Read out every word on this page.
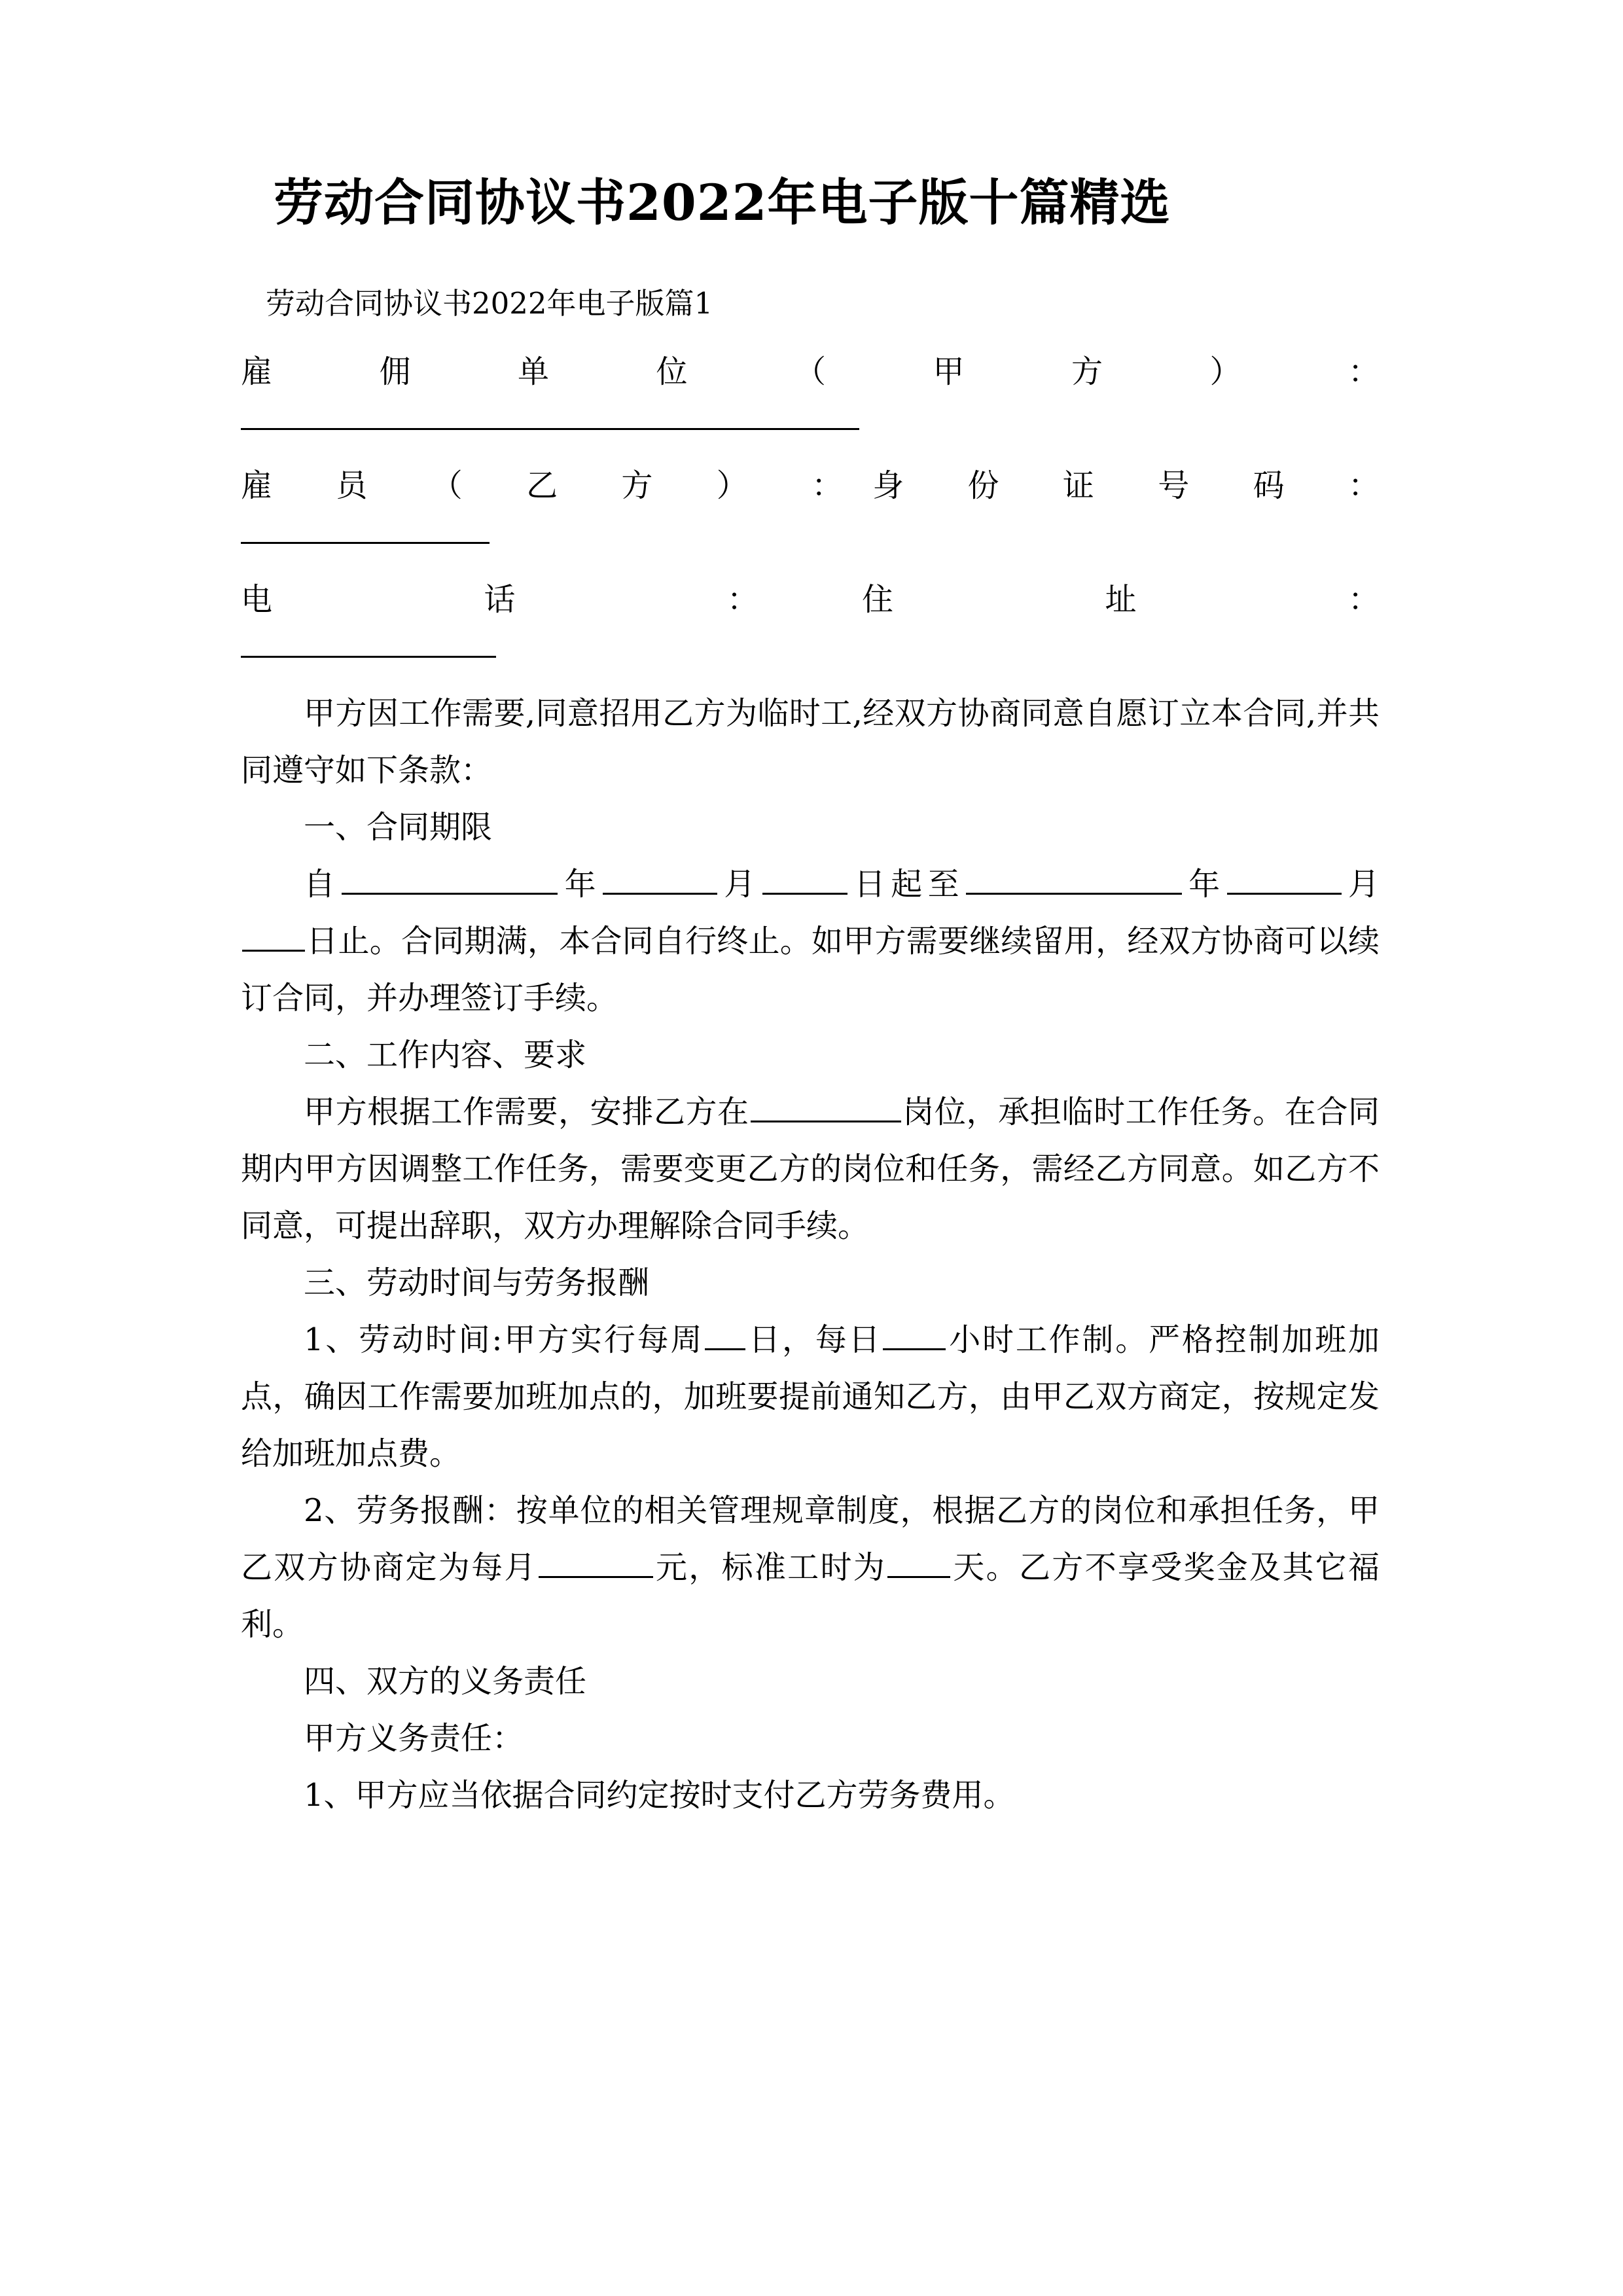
劳动合同协议书2022年电子版十篇精选
劳动合同协议书2022年电子版篇1
雇 佣 单 位 （ 甲 方 ） ：
雇 员 （ 乙 方 ） ：身 份 证 号 码 ：
电 话 ：住 址 ：

甲方因工作需要,同意招用乙方为临时工,经双方协商同意自愿订立本合同,并共同遵守如下条款：

一、合同期限

自	年	月	日起至	年	月日止。合同期满，本合同自行终止。如甲方需要继续留用，经双方协商可以续订合同，并办理签订手续。

二、工作内容、要求

甲方根据工作需要，安排乙方在	岗位，承担临时工作任务。在合同期内甲方因调整工作任务，需要变更乙方的岗位和任务，需经乙方同意。如乙方不同意，可提出辞职，双方办理解除合同手续。

三、劳动时间与劳务报酬

1、劳动时间:甲方实行每周 日，每日 小时工作制。严格控制加班加点，确因工作需要加班加点的，加班要提前通知乙方，由甲乙双方商定，按规定发给加班加点费。

2、劳务报酬：按单位的相关管理规章制度，根据乙方的岗位和承担任务，甲乙双方协商定为每月	元，标准工时为 天。乙方不享受奖金及其它福利。

四、双方的义务责任
甲方义务责任：
1、甲方应当依据合同约定按时支付乙方劳务费用。
